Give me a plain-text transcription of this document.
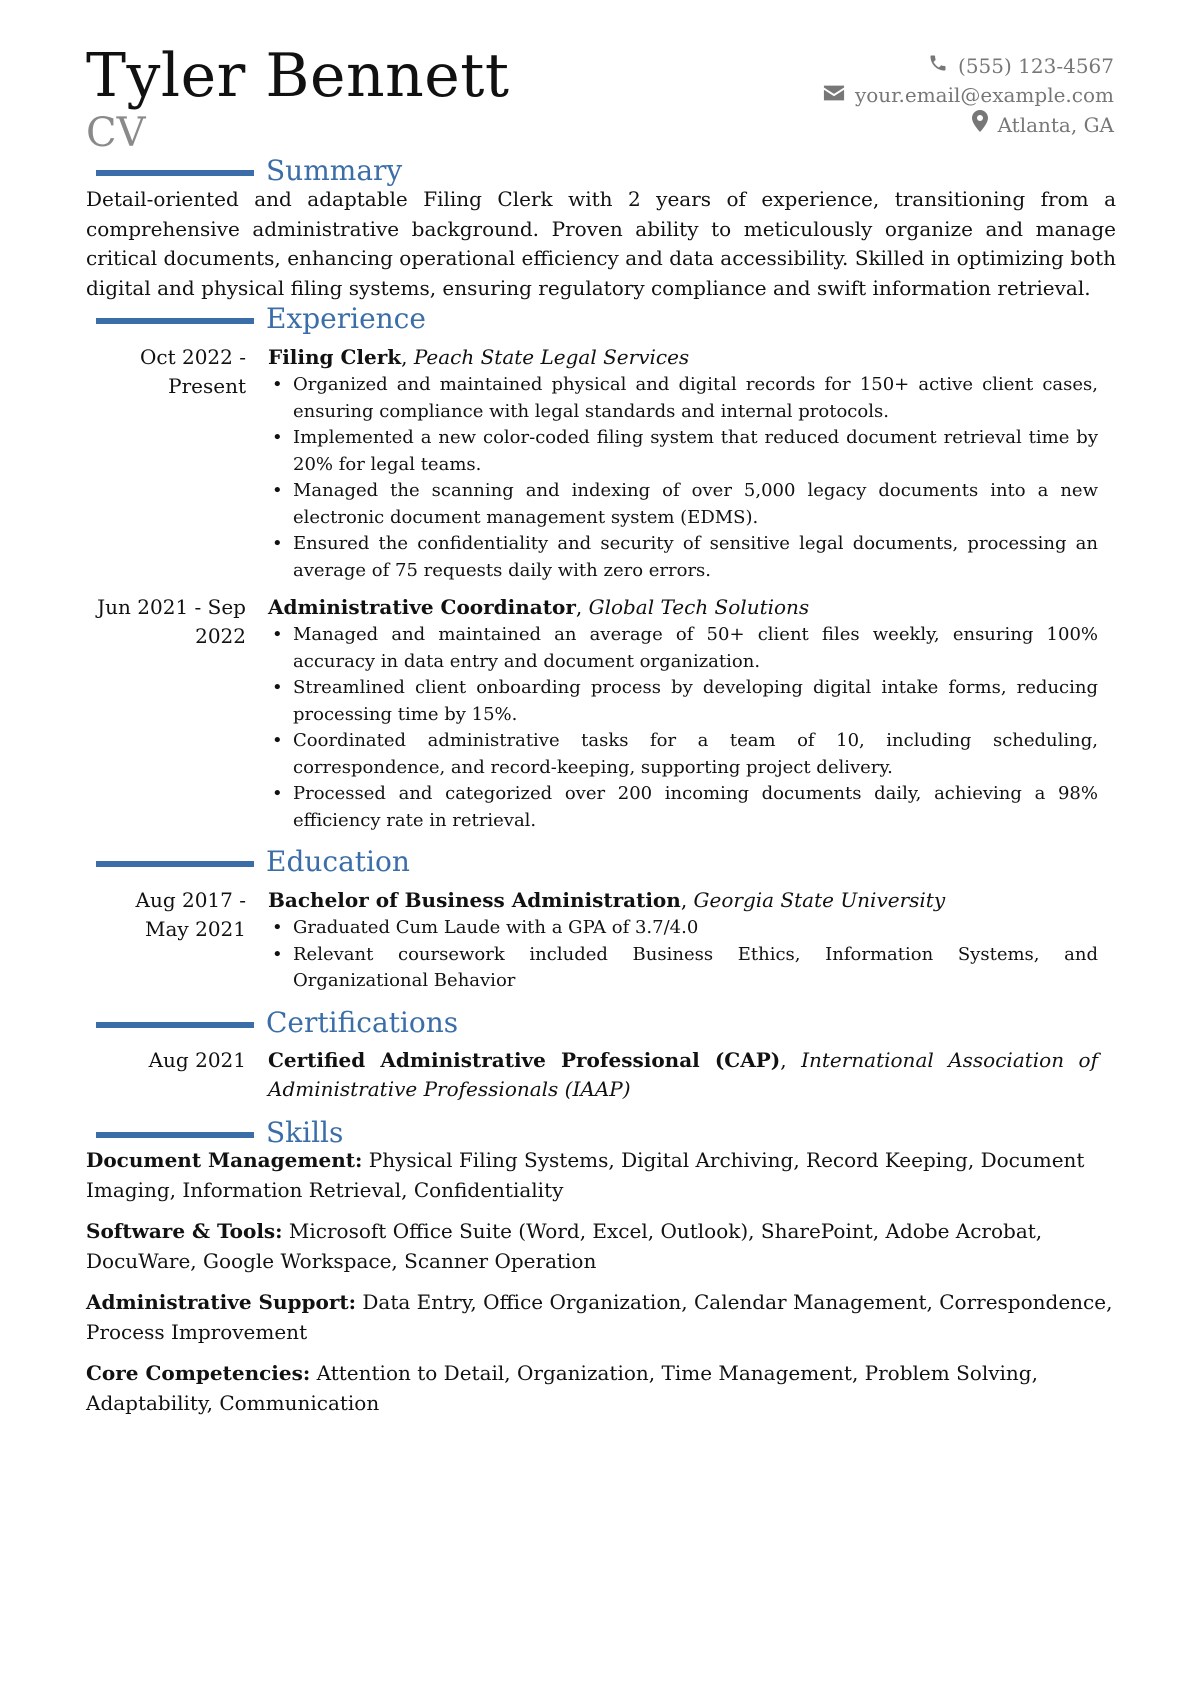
Tyler Bennett
CV
(555) 123-4567
your.email@example.com
Atlanta, GA
Summary
Detail-oriented and adaptable Filing Clerk with 2 years of experience, transitioning from a comprehensive administrative background. Proven ability to meticulously organize and manage critical documents, enhancing operational efficiency and data accessibility. Skilled in optimizing both digital and physical filing systems, ensuring regulatory compliance and swift information retrieval.
Experience
Oct 2022 - Present
Filing Clerk, Peach State Legal Services
• Organized and maintained physical and digital records for 150+ active client cases, ensuring compliance with legal standards and internal protocols.
• Implemented a new color-coded filing system that reduced document retrieval time by 20% for legal teams.
• Managed the scanning and indexing of over 5,000 legacy documents into a new electronic document management system (EDMS).
• Ensured the confidentiality and security of sensitive legal documents, processing an average of 75 requests daily with zero errors.
Jun 2021 - Sep 2022
Administrative Coordinator, Global Tech Solutions
• Managed and maintained an average of 50+ client files weekly, ensuring 100% accuracy in data entry and document organization.
• Streamlined client onboarding process by developing digital intake forms, reducing processing time by 15%.
• Coordinated administrative tasks for a team of 10, including scheduling, correspondence, and record-keeping, supporting project delivery.
• Processed and categorized over 200 incoming documents daily, achieving a 98% efficiency rate in retrieval.
Education
Aug 2017 - May 2021
Bachelor of Business Administration, Georgia State University
• Graduated Cum Laude with a GPA of 3.7/4.0
• Relevant coursework included Business Ethics, Information Systems, and Organizational Behavior
Certifications
Aug 2021 Certified Administrative Professional (CAP), International Association of Administrative Professionals (IAAP)
Skills
Document Management: Physical Filing Systems, Digital Archiving, Record Keeping, Document Imaging, Information Retrieval, Confidentiality
Software & Tools: Microsoft Office Suite (Word, Excel, Outlook), SharePoint, Adobe Acrobat, DocuWare, Google Workspace, Scanner Operation
Administrative Support: Data Entry, Office Organization, Calendar Management, Correspondence, Process Improvement
Core Competencies: Attention to Detail, Organization, Time Management, Problem Solving, Adaptability, Communication
